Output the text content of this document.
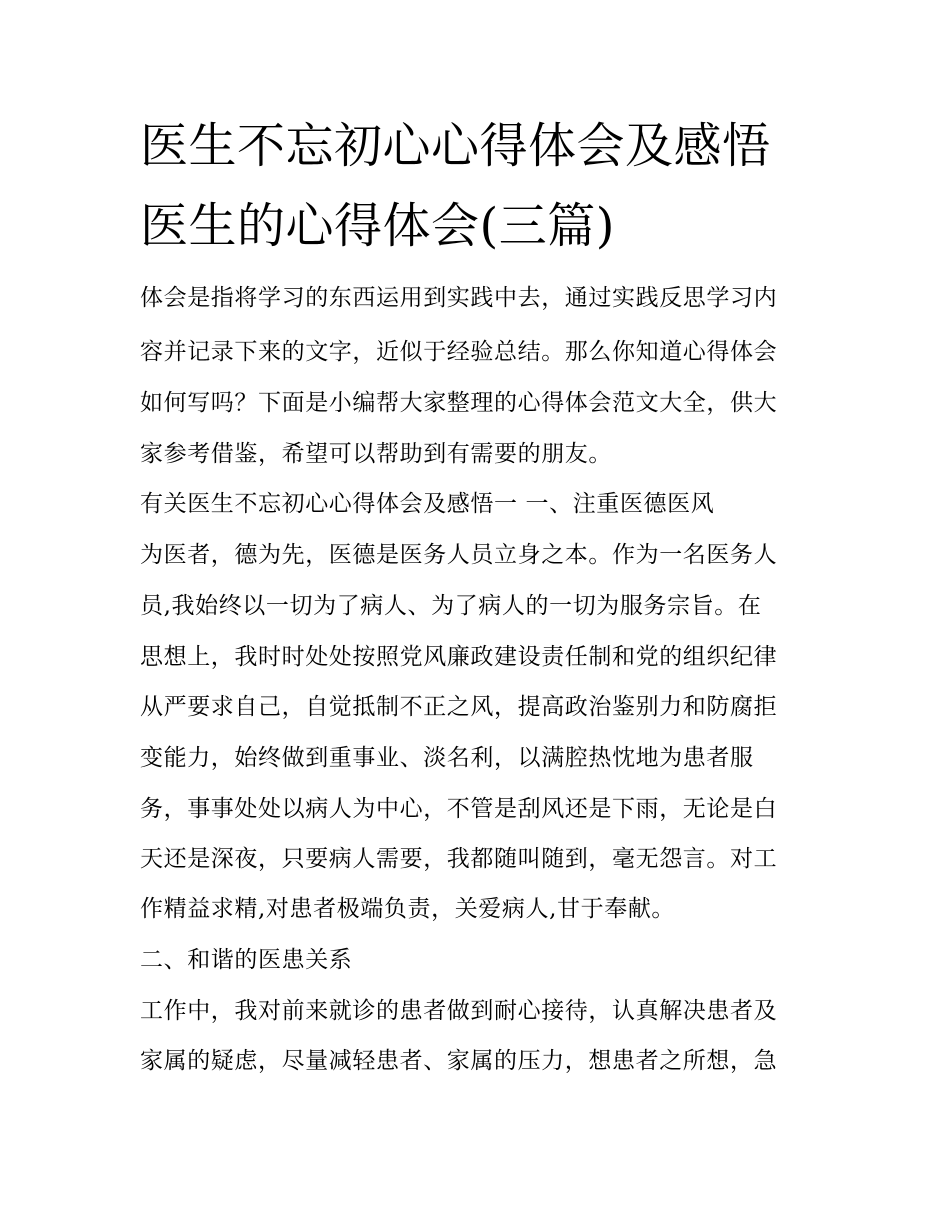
医生不忘初心心得体会及感悟
医生的心得体会(三篇)
体会是指将学习的东西运用到实践中去，通过实践反思学习内
容并记录下来的文字，近似于经验总结。那么你知道心得体会
如何写吗？下面是小编帮大家整理的心得体会范文大全，供大
家参考借鉴，希望可以帮助到有需要的朋友。
有关医生不忘初心心得体会及感悟一 一、注重医德医风
为医者，德为先，医德是医务人员立身之本。作为一名医务人
员,我始终以一切为了病人、为了病人的一切为服务宗旨。在
思想上，我时时处处按照党风廉政建设责任制和党的组织纪律
从严要求自己，自觉抵制不正之风，提高政治鉴别力和防腐拒
变能力，始终做到重事业、淡名利，以满腔热忱地为患者服
务，事事处处以病人为中心，不管是刮风还是下雨，无论是白
天还是深夜，只要病人需要，我都随叫随到，毫无怨言。对工
作精益求精,对患者极端负责，关爱病人,甘于奉献。
二、和谐的医患关系
工作中，我对前来就诊的患者做到耐心接待，认真解决患者及
家属的疑虑，尽量减轻患者、家属的压力，想患者之所想，急
